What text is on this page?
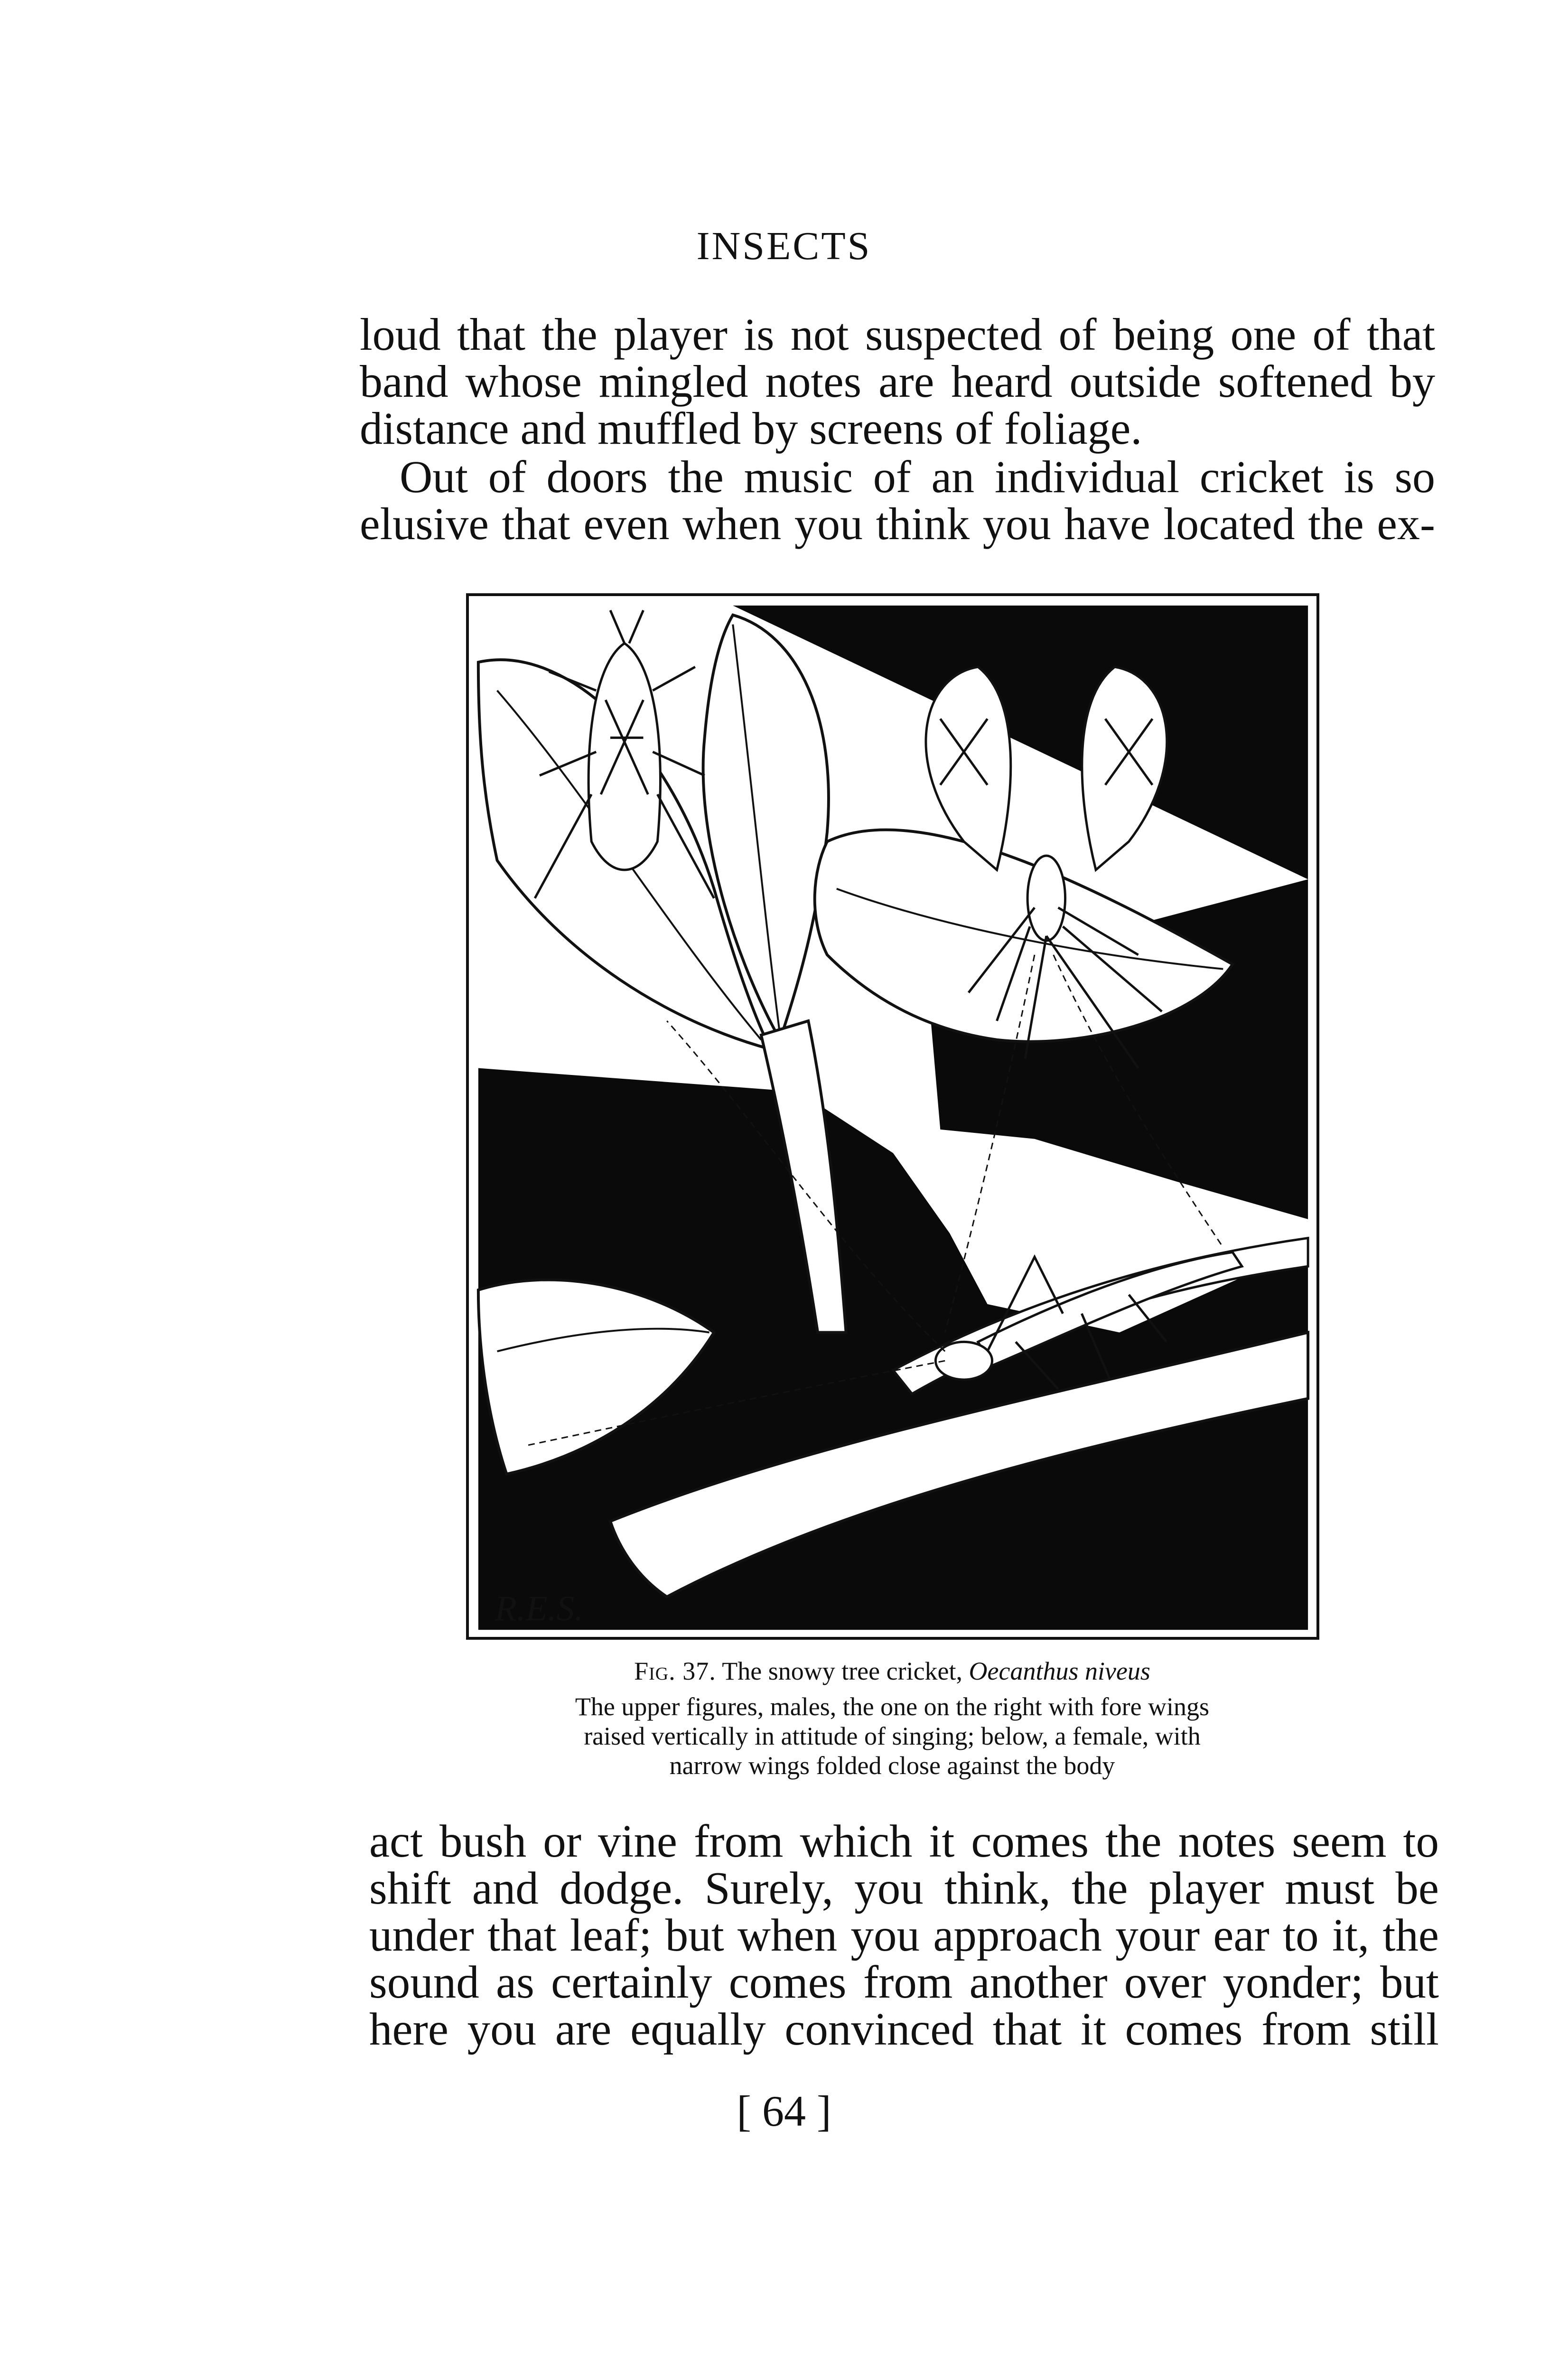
INSECTS
loud that the player is not suspected of being one of that
band whose mingled notes are heard outside softened by
distance and muffled by screens of foliage.
Out of doors the music of an individual cricket is so
elusive that even when you think you have located the ex-
R.E.S.
Fig. 37. The snowy tree cricket, Oecanthus niveus
The upper figures, males, the one on the right with fore wings
raised vertically in attitude of singing; below, a female, with
narrow wings folded close against the body
act bush or vine from which it comes the notes seem to
shift and dodge. Surely, you think, the player must be
under that leaf; but when you approach your ear to it, the
sound as certainly comes from another over yonder; but
here you are equally convinced that it comes from still
[ 64 ]
